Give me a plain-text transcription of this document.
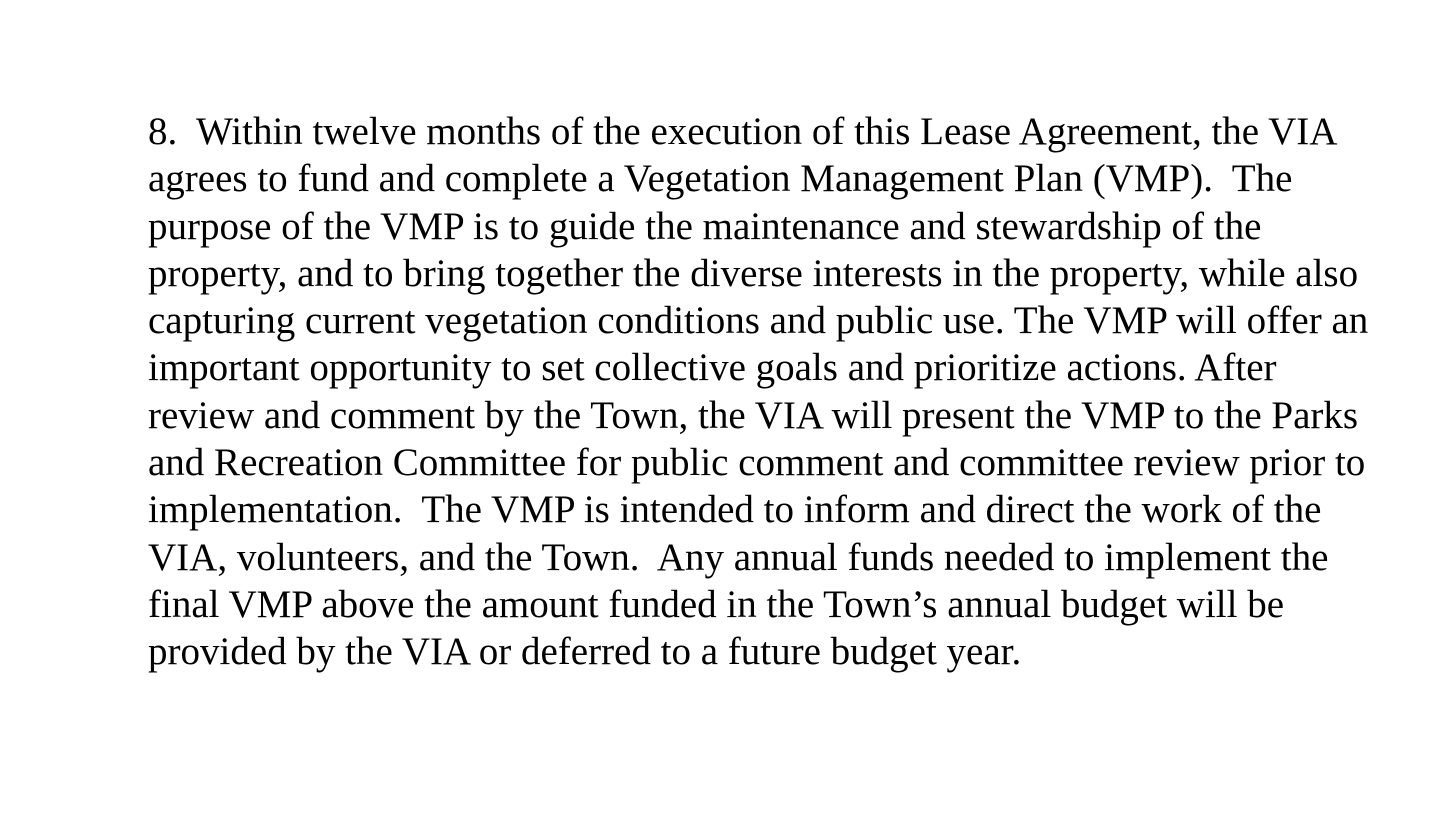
8.  Within twelve months of the execution of this Lease Agreement, the VIA
agrees to fund and complete a Vegetation Management Plan (VMP).  The
purpose of the VMP is to guide the maintenance and stewardship of the
property, and to bring together the diverse interests in the property, while also
capturing current vegetation conditions and public use. The VMP will offer an
important opportunity to set collective goals and prioritize actions. After
review and comment by the Town, the VIA will present the VMP to the Parks
and Recreation Committee for public comment and committee review prior to
implementation.  The VMP is intended to inform and direct the work of the
VIA, volunteers, and the Town.  Any annual funds needed to implement the
final VMP above the amount funded in the Town’s annual budget will be
provided by the VIA or deferred to a future budget year.
